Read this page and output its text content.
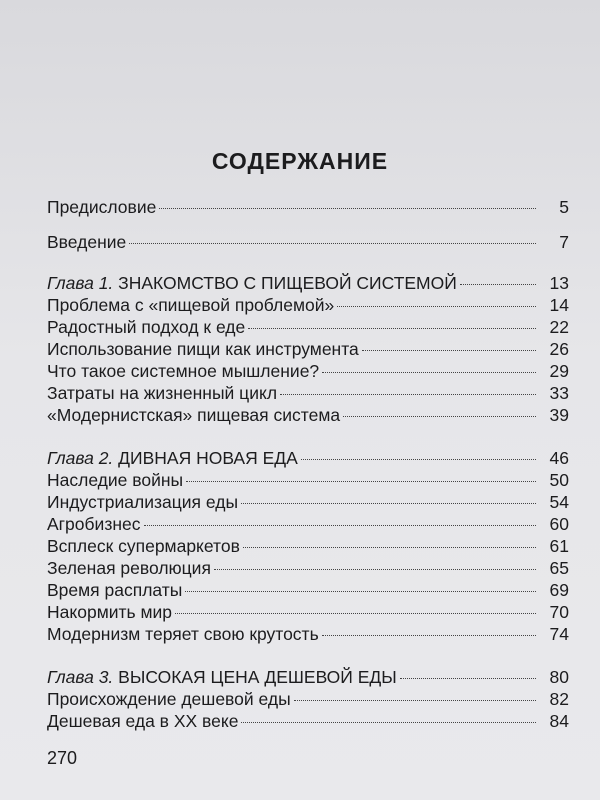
СОДЕРЖАНИЕ
Предисловие	5
Введение	7
Глава 1. ЗНАКОМСТВО С ПИЩЕВОЙ СИСТЕМОЙ	13
Проблема с «пищевой проблемой»	14
Радостный подход к еде	22
Использование пищи как инструмента	26
Что такое системное мышление?	29
Затраты на жизненный цикл	33
«Модернистская» пищевая система	39
Глава 2. ДИВНАЯ НОВАЯ ЕДА	46
Наследие войны	50
Индустриализация еды	54
Агробизнес	60
Всплеск супермаркетов	61
Зеленая революция	65
Время расплаты	69
Накормить мир	70
Модернизм теряет свою крутость	74
Глава 3. ВЫСОКАЯ ЦЕНА ДЕШЕВОЙ ЕДЫ	80
Происхождение дешевой еды	82
Дешевая еда в XX веке	84
270
